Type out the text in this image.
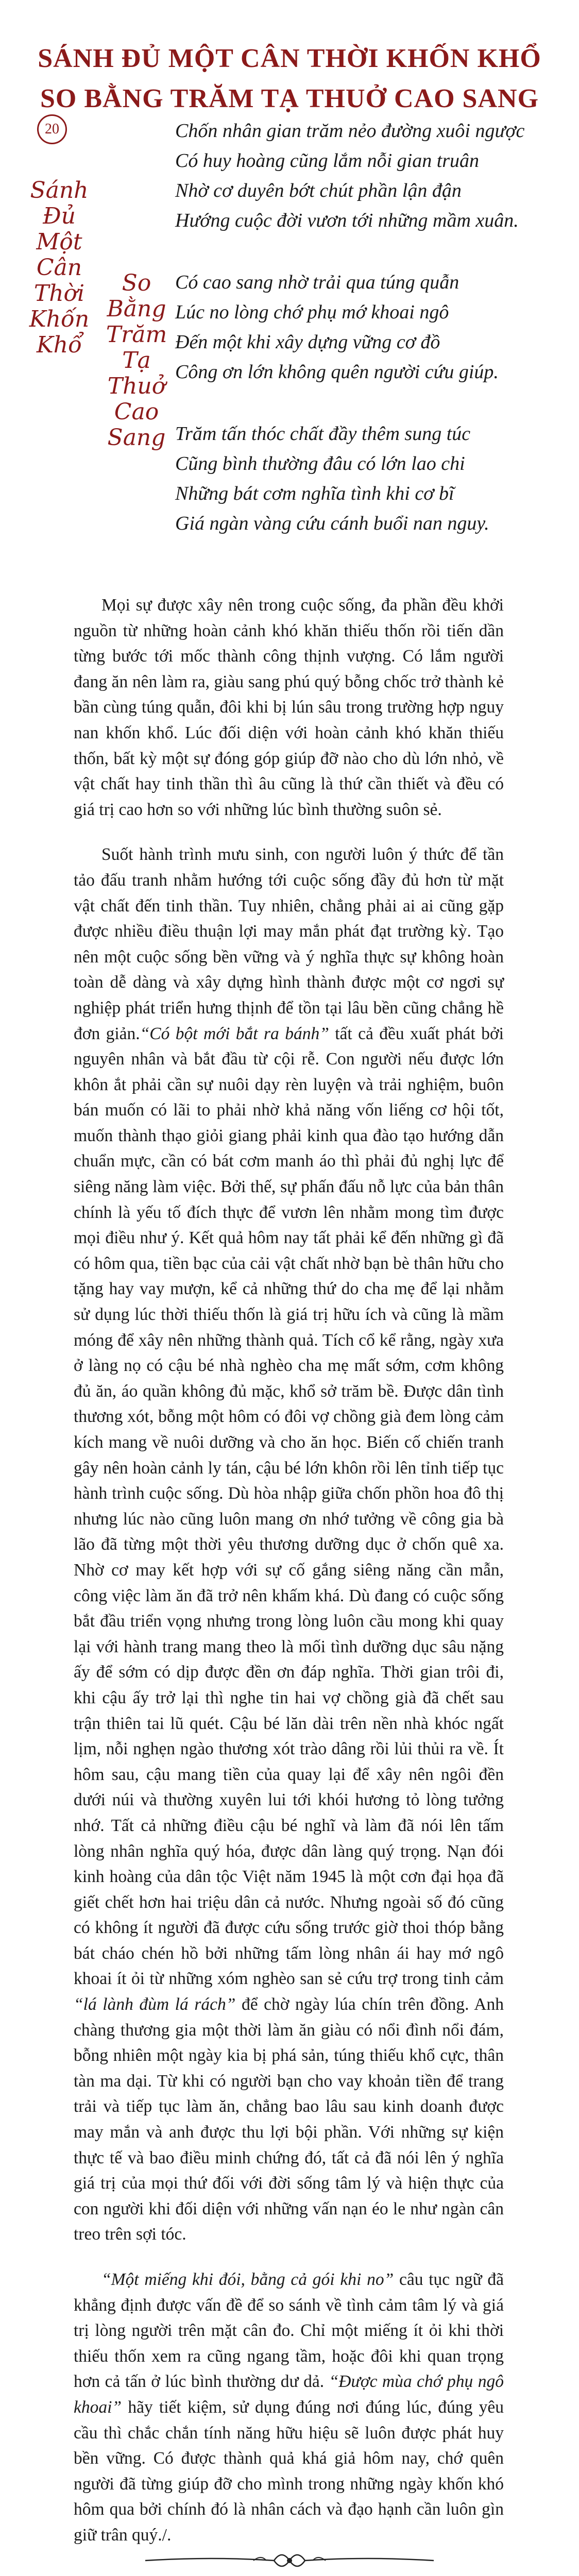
SÁNH ĐỦ MỘT CÂN THỜI KHỐN KHỔ
SO BẰNG TRĂM TẠ THUỞ CAO SANG
20
Sánh
Đủ
Một
Cân
Thời
Khốn
Khổ
So
Bằng
Trăm
Tạ
Thuở
Cao
Sang
Chốn nhân gian trăm nẻo đường xuôi ngược
Có huy hoàng cũng lắm nỗi gian truân
Nhờ cơ duyên bớt chút phần lận đận
Hướng cuộc đời vươn tới những mầm xuân.
Có cao sang nhờ trải qua túng quẫn
Lúc no lòng chớ phụ mớ khoai ngô
Đến một khi xây dựng vững cơ đồ
Công ơn lớn không quên người cứu giúp.
Trăm tấn thóc chất đầy thêm sung túc
Cũng bình thường đâu có lớn lao chi
Những bát cơm nghĩa tình khi cơ bĩ
Giá ngàn vàng cứu cánh buổi nan nguy.

Mọi sự được xây nên trong cuộc sống, đa phần đều khởi nguồn từ những hoàn cảnh khó khăn thiếu thốn rồi tiến dần từng bước tới mốc thành công thịnh vượng. Có lắm người đang ăn nên làm ra, giàu sang phú quý bỗng chốc trở thành kẻ bần cùng túng quẫn, đôi khi bị lún sâu trong trường hợp nguy nan khốn khổ. Lúc đối diện với hoàn cảnh khó khăn thiếu thốn, bất kỳ một sự đóng góp giúp đỡ nào cho dù lớn nhỏ, về vật chất hay tinh thần thì âu cũng là thứ cần thiết và đều có giá trị cao hơn so với những lúc bình thường suôn sẻ.

Suốt hành trình mưu sinh, con người luôn ý thức để tần tảo đấu tranh nhằm hướng tới cuộc sống đầy đủ hơn từ mặt vật chất đến tinh thần. Tuy nhiên, chẳng phải ai ai cũng gặp được nhiều điều thuận lợi may mắn phát đạt trường kỳ. Tạo nên một cuộc sống bền vững và ý nghĩa thực sự không hoàn toàn dễ dàng và xây dựng hình thành được một cơ ngơi sự nghiệp phát triển hưng thịnh để tồn tại lâu bền cũng chẳng hề đơn giản.“Có bột mới bắt ra bánh” tất cả đều xuất phát bởi nguyên nhân và bắt đầu từ cội rễ. Con người nếu được lớn khôn ắt phải cần sự nuôi dạy rèn luyện và trải nghiệm, buôn bán muốn có lãi to phải nhờ khả năng vốn liếng cơ hội tốt, muốn thành thạo giỏi giang phải kinh qua đào tạo hướng dẫn chuẩn mực, cần có bát cơm manh áo thì phải đủ nghị lực để siêng năng làm việc. Bởi thế, sự phấn đấu nỗ lực của bản thân chính là yếu tố đích thực để vươn lên nhằm mong tìm được mọi điều như ý. Kết quả hôm nay tất phải kể đến những gì đã có hôm qua, tiền bạc của cải vật chất nhờ bạn bè thân hữu cho tặng hay vay mượn, kể cả những thứ do cha mẹ để lại nhằm sử dụng lúc thời thiếu thốn là giá trị hữu ích và cũng là mầm móng để xây nên những thành quả. Tích cổ kể rằng, ngày xưa ở làng nọ có cậu bé nhà nghèo cha mẹ mất sớm, cơm không đủ ăn, áo quần không đủ mặc, khổ sở trăm bề. Được dân tình thương xót, bỗng một hôm có đôi vợ chồng già đem lòng cảm kích mang về nuôi dưỡng và cho ăn học. Biến cố chiến tranh gây nên hoàn cảnh ly tán, cậu bé lớn khôn rồi lên tỉnh tiếp tục hành trình cuộc sống. Dù hòa nhập giữa chốn phồn hoa đô thị nhưng lúc nào cũng luôn mang ơn nhớ tưởng về công gia bà lão đã từng một thời yêu thương dưỡng dục ở chốn quê xa. Nhờ cơ may kết hợp với sự cố gắng siêng năng cần mẫn, công việc làm ăn đã trở nên khấm khá. Dù đang có cuộc sống bắt đầu triển vọng nhưng trong lòng luôn cầu mong khi quay lại với hành trang mang theo là mối tình dưỡng dục sâu nặng ấy để sớm có dịp được đền ơn đáp nghĩa. Thời gian trôi đi, khi cậu ấy trở lại thì nghe tin hai vợ chồng già đã chết sau trận thiên tai lũ quét. Cậu bé lăn dài trên nền nhà khóc ngất lịm, nỗi nghẹn ngào thương xót trào dâng rồi lủi thủi ra về. Ít hôm sau, cậu mang tiền của quay lại để xây nên ngôi đền dưới núi và thường xuyên lui tới khói hương tỏ lòng tưởng nhớ. Tất cả những điều cậu bé nghĩ và làm đã nói lên tấm lòng nhân nghĩa quý hóa, được dân làng quý trọng. Nạn đói kinh hoàng của dân tộc Việt năm 1945 là một cơn đại họa đã giết chết hơn hai triệu dân cả nước. Nhưng ngoài số đó cũng có không ít người đã được cứu sống trước giờ thoi thóp bằng bát cháo chén hồ bởi những tấm lòng nhân ái hay mớ ngô khoai ít ỏi từ những xóm nghèo san sẻ cứu trợ trong tinh cảm “lá lành đùm lá rách” để chờ ngày lúa chín trên đồng. Anh chàng thương gia một thời làm ăn giàu có nổi đình nổi đám, bỗng nhiên một ngày kia bị phá sản, túng thiếu khổ cực, thân tàn ma dại. Từ khi có người bạn cho vay khoản tiền để trang trải và tiếp tục làm ăn, chẳng bao lâu sau kinh doanh được may mắn và anh được thu lợi bội phần. Với những sự kiện thực tế và bao điều minh chứng đó, tất cả đã nói lên ý nghĩa giá trị của mọi thứ đối với đời sống tâm lý và hiện thực của con người khi đối diện với những vấn nạn éo le như ngàn cân treo trên sợi tóc.

“Một miếng khi đói, bằng cả gói khi no” câu tục ngữ đã khẳng định được vấn đề để so sánh về tình cảm tâm lý và giá trị lòng người trên mặt cân đo. Chỉ một miếng ít ỏi khi thời thiếu thốn xem ra cũng ngang tầm, hoặc đôi khi quan trọng hơn cả tấn ở lúc bình thường dư dả. “Được mùa chớ phụ ngô khoai” hãy tiết kiệm, sử dụng đúng nơi đúng lúc, đúng yêu cầu thì chắc chắn tính năng hữu hiệu sẽ luôn được phát huy bền vững. Có được thành quả khá giả hôm nay, chớ quên người đã từng giúp đỡ cho mình trong những ngày khốn khó hôm qua bởi chính đó là nhân cách và đạo hạnh cần luôn gìn giữ trân quý./.
